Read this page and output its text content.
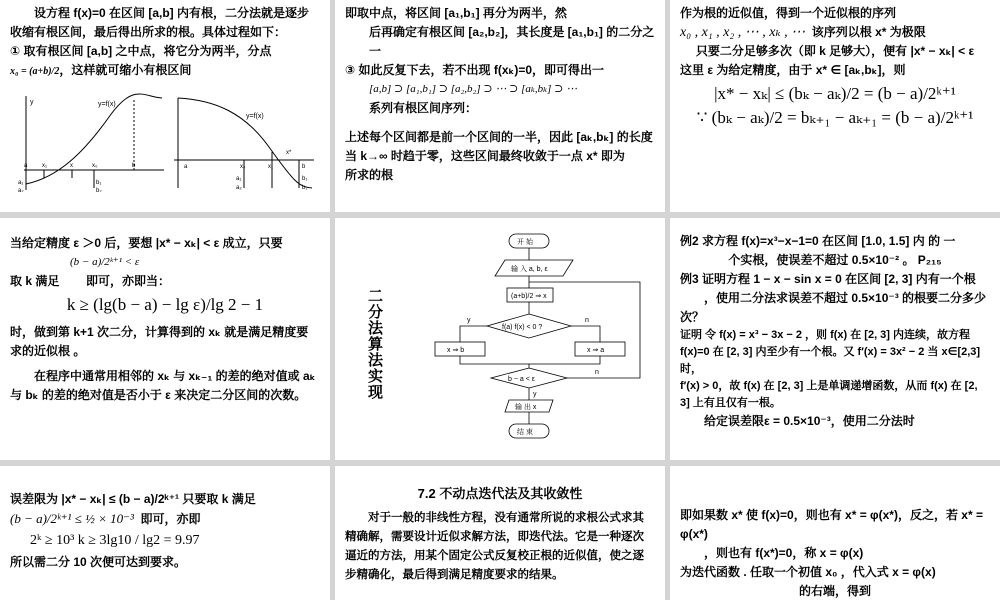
设方程 f(x)=0 在区间 [a,b] 内有根，二分法就是逐步收缩有根区间，最后得出所求的根。具体过程如下：

① 取有根区间 [a,b] 之中点，将它分为两半，分点

x₀ = (a+b)/2，这样就可缩小有根区间

y	y=f(x)
a₁
a₂
b₁
b₂
a x₁	x	x₀	b
y=f(x)
a	x₀	x₁
x*
b
a₁
a₂
b₁
b₂

即取中点，将区间 [a₁,b₁] 再分为两半，然

后再确定有根区间 [a₂,b₂]，其长度是 [a₁,b₁] 的二分之一

③ 如此反复下去，若不出现 f(xₖ)=0，即可得出一

[a,b] ⊃ [a₁,b₁] ⊃ [a₂,b₂] ⊃ ⋯ ⊃ [aₖ,bₖ] ⊃ ⋯

系列有根区间序列：

上述每个区间都是前一个区间的一半，因此 [aₖ,bₖ] 的长度

当 k→∞ 时趋于零，这些区间最终收敛于一点 x* 即为

所求的根

作为根的近似值，得到一个近似根的序列

x₀ , x₁ , x₂ , ⋯ , xₖ , ⋯ 该序列以根 x* 为极限

只要二分足够多次（即 k 足够大），便有 |x* − xₖ| < ε

这里 ε 为给定精度，由于 x* ∈ [aₖ,bₖ]，则

|x* − xₖ| ≤ (bₖ − aₖ)/2 = (b − a)/2ᵏ⁺¹

∵ (bₖ − aₖ)/2 = bₖ₊₁ − aₖ₊₁ = (b − a)/2ᵏ⁺¹

当给定精度 ε ＞0 后，要想 |x* − xₖ| < ε 成立，只要

(b − a)/2ᵏ⁺¹ < ε

取 k 满足 即可，亦即当：

k ≥ (lg(b − a) − lg ε)/lg 2 − 1

时，做到第 k+1 次二分，计算得到的 xₖ 就是满足精度要求的近似根 。

在程序中通常用相邻的 xₖ 与 xₖ₋₁ 的差的绝对值或 aₖ 与 bₖ 的差的绝对值是否小于 ε 来决定二分区间的次数。	二分法算法实现
开 始
输 入 a, b, ε
(a+b)/2 ⇒ x
f(a) f(x) < 0 ?
y	n
x ⇒ b	x ⇒ a
b − a < ε
n
y
输 出 x
结 束

例2 求方程 f(x)=x³−x−1=0 在区间 [1.0, 1.5] 内 的 一

个实根，使误差不超过 0.5×10⁻² 。 P₂₁₅

例3 证明方程 1 − x − sin x = 0 在区间 [2, 3] 内有一个根

，使用二分法求误差不超过 0.5×10⁻³ 的根要二分多少次？

证明 令 f(x) = x³ − 3x − 2 ，则 f(x) 在 [2, 3] 内连续，故方程 f(x)=0 在 [2, 3] 内至少有一个根。又 f′(x) = 3x² − 2 当 x∈[2,3] 时，

f′(x) > 0，故 f(x) 在 [2, 3] 上是单调递增函数，从而 f(x) 在 [2, 3] 上有且仅有一根。

给定误差限ε = 0.5×10⁻³，使用二分法时

误差限为 |x* − xₖ| ≤ (b − a)/2ᵏ⁺¹ 只要取 k 满足

(b − a)/2ᵏ⁺¹ ≤ ½ × 10⁻³ 即可，亦即

2ᵏ ≥ 10³ k ≥ 3lg10 / lg2 = 9.97

所以需二分 10 次便可达到要求。

7.2 不动点迭代法及其收敛性

对于一般的非线性方程，没有通常所说的求根公式求其精确解，需要设计近似求解方法，即迭代法。它是一种逐次逼近的方法，用某个固定公式反复校正根的近似值，使之逐步精确化，最后得到满足精度要求的结果。

即如果数 x* 使 f(x)=0，则也有 x* = φ(x*)，反之，若 x* = φ(x*)

，则也有 f(x*)=0，称 x = φ(x)

为迭代函数 . 任取一个初值 x₀ ，代入式 x = φ(x)

的右端，得到
